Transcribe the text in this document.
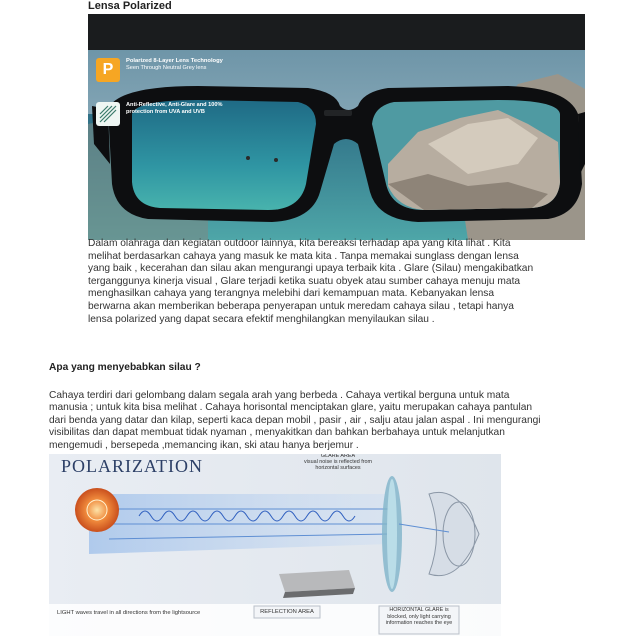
Lensa Polarized
P	Polarized 8-Layer Lens Technology
Seen Through Neutral Grey lens
Anti-Reflective, Anti-Glare and 100%
protection from UVA and UVB

Dalam olahraga dan kegiatan outdoor lainnya, kita bereaksi terhadap apa yang kita lihat . Kita melihat berdasarkan cahaya yang masuk ke mata kita . Tanpa memakai sunglass dengan lensa yang baik , kecerahan dan silau akan mengurangi upaya terbaik kita . Glare (Silau) mengakibatkan terganggunya kinerja visual , Glare terjadi ketika suatu obyek atau sumber cahaya menuju mata menghasilkan cahaya yang terangnya melebihi dari kemampuan mata. Kebanyakan lensa berwarna akan memberikan beberapa penyerapan untuk meredam cahaya silau , tetapi hanya lensa polarized yang dapat secara efektif menghilangkan menyilaukan silau .

Apa yang menyebabkan silau ?

Cahaya terdiri dari gelombang dalam segala arah yang berbeda . Cahaya vertikal berguna untuk mata manusia ; untuk kita bisa melihat . Cahaya horisontal menciptakan glare, yaitu merupakan cahaya pantulan dari benda yang datar dan kilap, seperti kaca depan mobil , pasir , air , salju atau jalan aspal . Ini mengurangi visibilitas dan dapat membuat tidak nyaman , menyakitkan dan bahkan berbahaya untuk melanjutkan mengemudi , bersepeda ,memancing ikan, ski atau hanya berjemur .

POLARIZATION	GLARE AREA
visual noise is reflected from
horizontal surfaces
LIGHT waves travel in all directions from the lightsource	REFLECTION AREA	HORIZONTAL GLARE is
blocked, only light carrying
information reaches the eye
